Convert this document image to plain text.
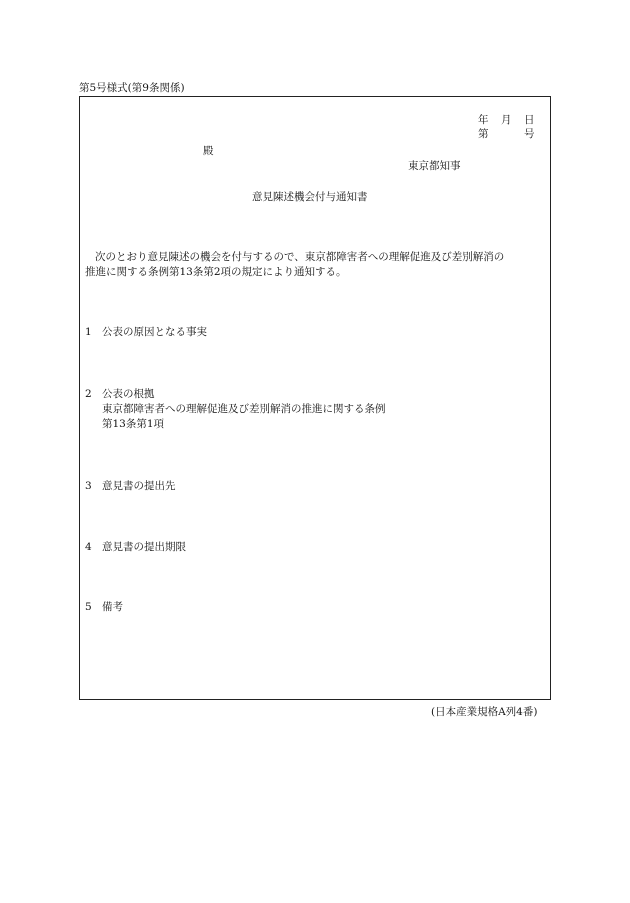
第5号様式(第9条関係)
年 月 日
第	号
殿
東京都知事
意見陳述機会付与通知書
次のとおり意見陳述の機会を付与するので、東京都障害者への理解促進及び差別解消の
推進に関する条例第13条第2項の規定により通知する。
1 公表の原因となる事実
2 公表の根拠
東京都障害者への理解促進及び差別解消の推進に関する条例
第13条第1項
3 意見書の提出先
4 意見書の提出期限
5 備考
(日本産業規格A列4番)
